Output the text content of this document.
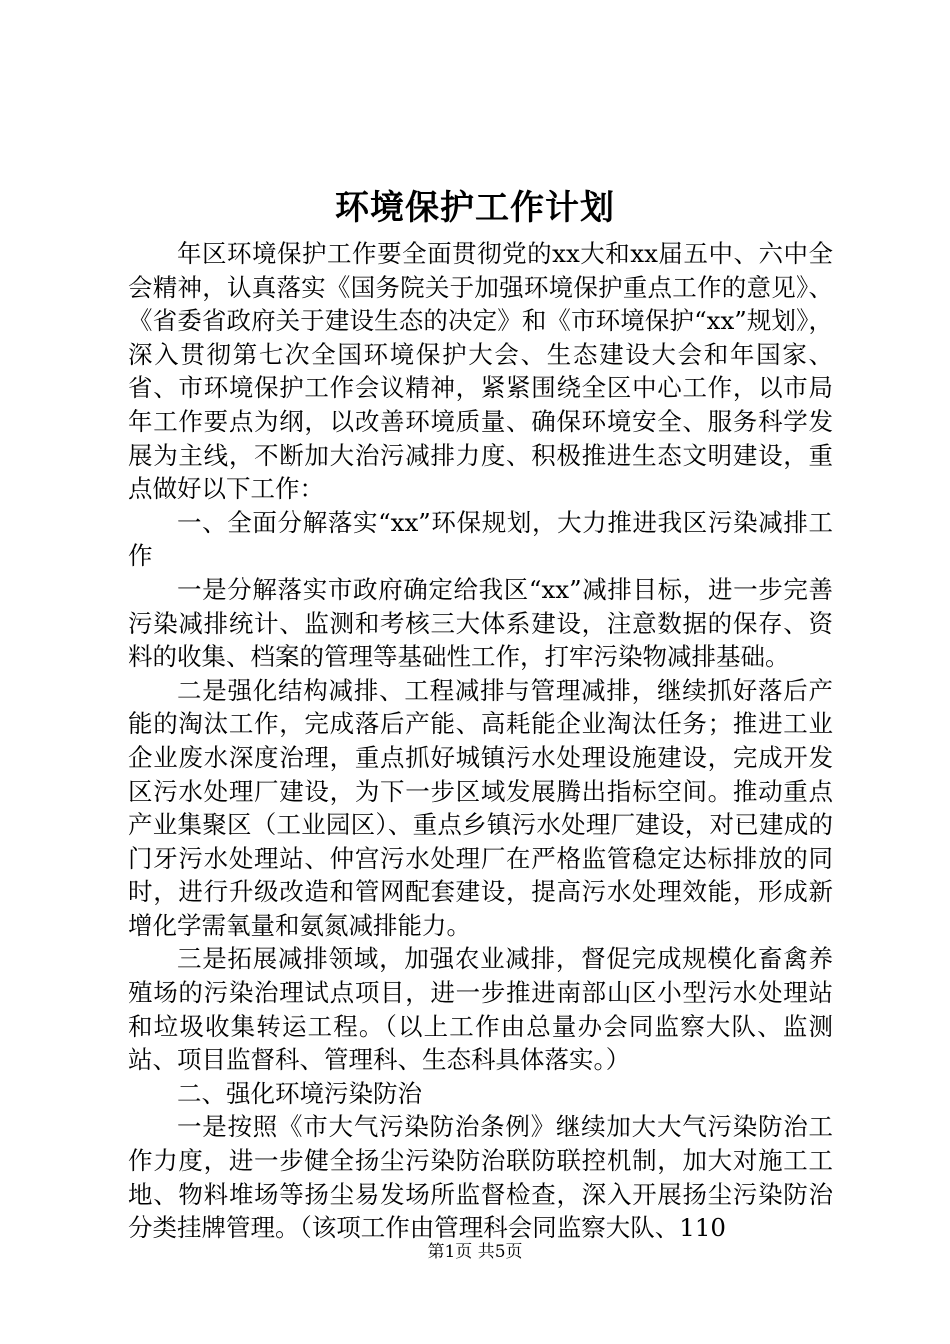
环境保护工作计划

年区环境保护工作要全面贯彻党的xx大和xx届五中、六中全会精神，认真落实《国务院关于加强环境保护重点工作的意见》、《省委省政府关于建设生态的决定》和《市环境保护“xx”规划》，深入贯彻第七次全国环境保护大会、生态建设大会和年国家、省、市环境保护工作会议精神，紧紧围绕全区中心工作，以市局年工作要点为纲，以改善环境质量、确保环境安全、服务科学发展为主线，不断加大治污减排力度、积极推进生态文明建设，重点做好以下工作：

一、全面分解落实“xx”环保规划，大力推进我区污染减排工作

一是分解落实市政府确定给我区“xx”减排目标，进一步完善污染减排统计、监测和考核三大体系建设，注意数据的保存、资料的收集、档案的管理等基础性工作，打牢污染物减排基础。

二是强化结构减排、工程减排与管理减排，继续抓好落后产能的淘汰工作，完成落后产能、高耗能企业淘汰任务；推进工业企业废水深度治理，重点抓好城镇污水处理设施建设，完成开发区污水处理厂建设，为下一步区域发展腾出指标空间。推动重点产业集聚区（工业园区）、重点乡镇污水处理厂建设，对已建成的门牙污水处理站、仲宫污水处理厂在严格监管稳定达标排放的同时，进行升级改造和管网配套建设，提高污水处理效能，形成新增化学需氧量和氨氮减排能力。

三是拓展减排领域，加强农业减排，督促完成规模化畜禽养殖场的污染治理试点项目，进一步推进南部山区小型污水处理站和垃圾收集转运工程。（以上工作由总量办会同监察大队、监测站、项目监督科、管理科、生态科具体落实。）

二、强化环境污染防治

一是按照《市大气污染防治条例》继续加大大气污染防治工作力度，进一步健全扬尘污染防治联防联控机制，加大对施工工地、物料堆场等扬尘易发场所监督检查，深入开展扬尘污染防治分类挂牌管理。（该项工作由管理科会同监察大队、110

第1页 共5页
